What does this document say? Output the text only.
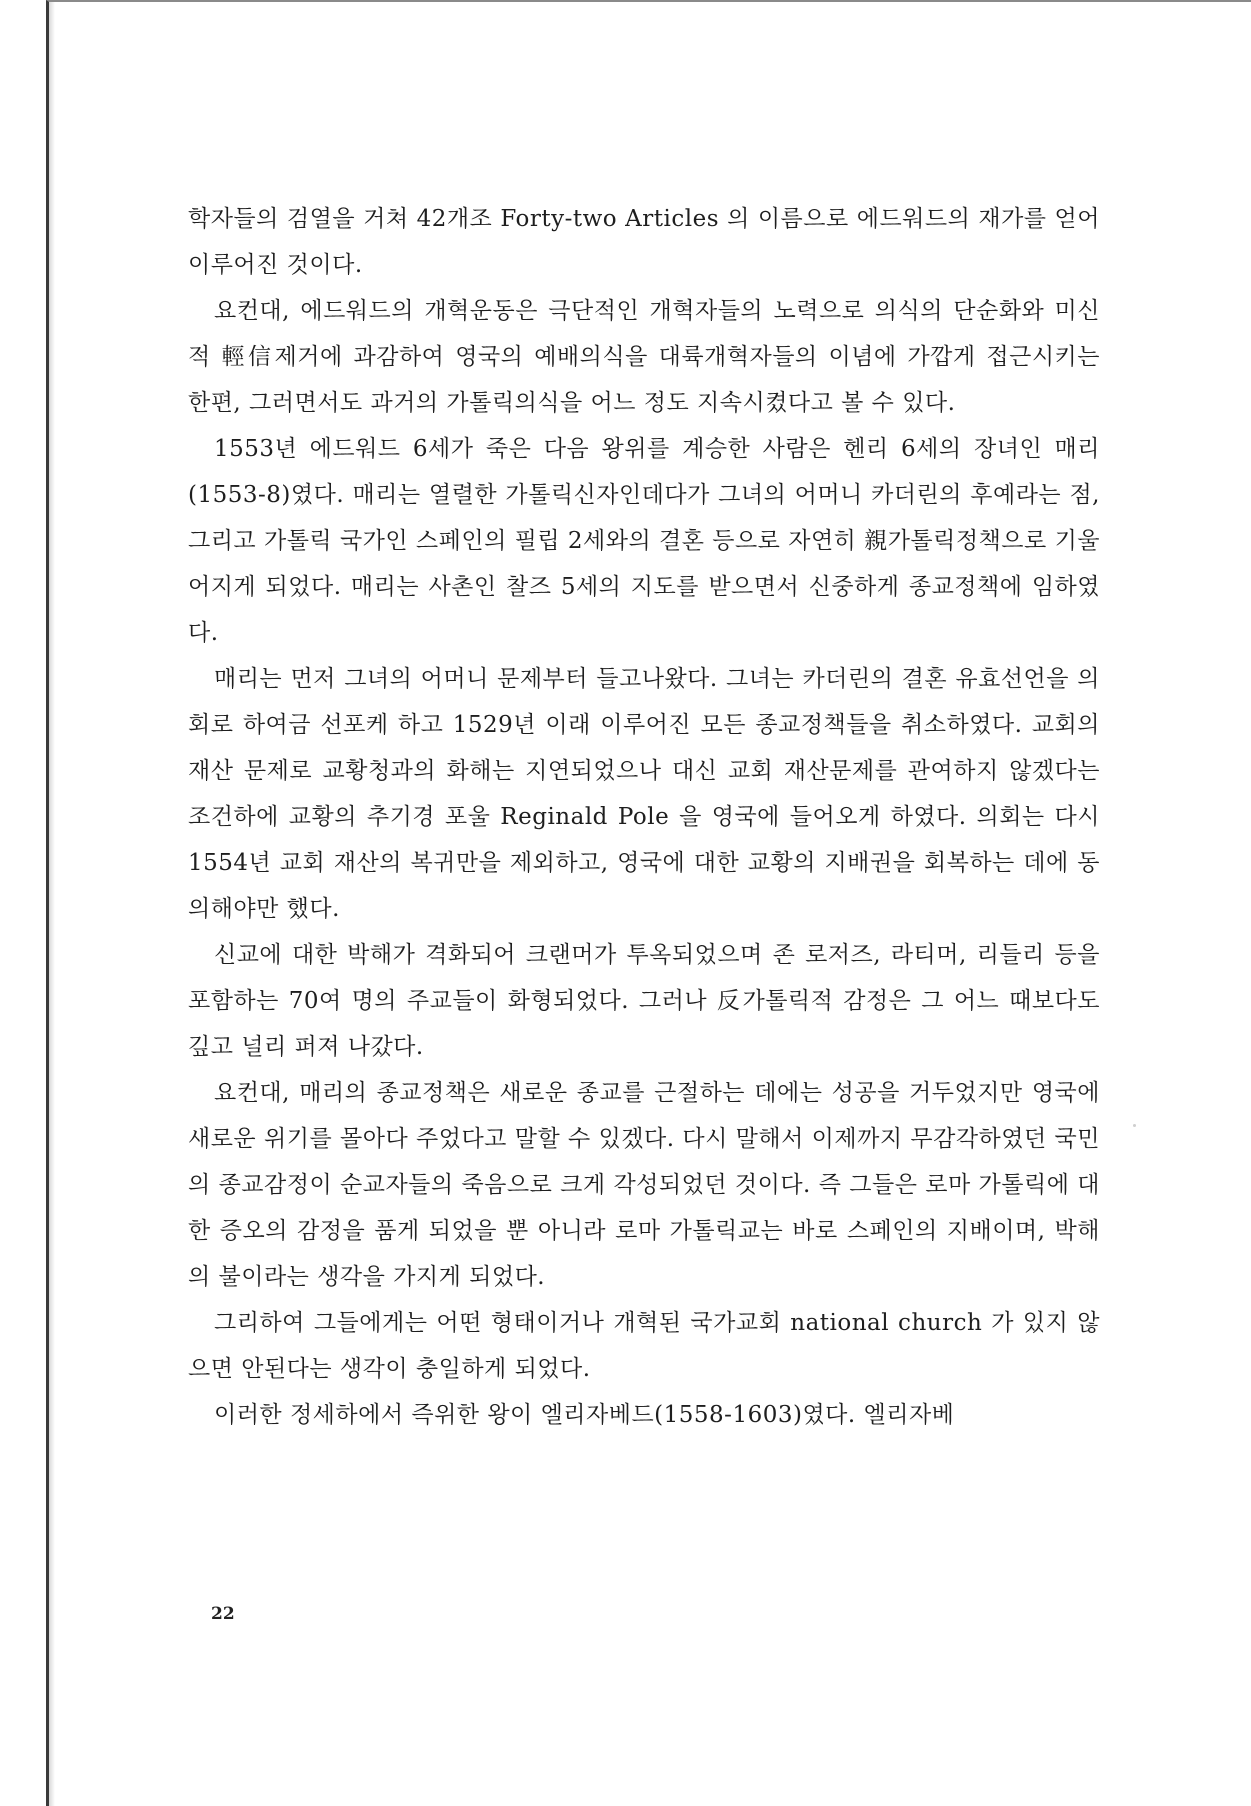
학자들의 검열을 거쳐 42개조 Forty-two Articles 의 이름으로 에드워드의 재가를 얻어 이루어진 것이다.

요컨대, 에드워드의 개혁운동은 극단적인 개혁자들의 노력으로 의식의 단순화와 미신적 輕信제거에 과감하여 영국의 예배의식을 대륙개혁자들의 이념에 가깝게 접근시키는 한편, 그러면서도 과거의 가톨릭의식을 어느 정도 지속시켰다고 볼 수 있다.

1553년 에드워드 6세가 죽은 다음 왕위를 계승한 사람은 헨리 6세의 장녀인 매리(1553-8)였다. 매리는 열렬한 가톨릭신자인데다가 그녀의 어머니 카더린의 후예라는 점, 그리고 가톨릭 국가인 스페인의 필립 2세와의 결혼 등으로 자연히 親가톨릭정책으로 기울어지게 되었다. 매리는 사촌인 찰즈 5세의 지도를 받으면서 신중하게 종교정책에 임하였다.

매리는 먼저 그녀의 어머니 문제부터 들고나왔다. 그녀는 카더린의 결혼 유효선언을 의회로 하여금 선포케 하고 1529년 이래 이루어진 모든 종교정책들을 취소하였다. 교회의 재산 문제로 교황청과의 화해는 지연되었으나 대신 교회 재산문제를 관여하지 않겠다는 조건하에 교황의 추기경 포울 Reginald Pole 을 영국에 들어오게 하였다. 의회는 다시 1554년 교회 재산의 복귀만을 제외하고, 영국에 대한 교황의 지배권을 회복하는 데에 동의해야만 했다.

신교에 대한 박해가 격화되어 크랜머가 투옥되었으며 존 로저즈, 라티머, 리들리 등을 포함하는 70여 명의 주교들이 화형되었다. 그러나 反가톨릭적 감정은 그 어느 때보다도 깊고 널리 퍼져 나갔다.

요컨대, 매리의 종교정책은 새로운 종교를 근절하는 데에는 성공을 거두었지만 영국에 새로운 위기를 몰아다 주었다고 말할 수 있겠다. 다시 말해서 이제까지 무감각하였던 국민의 종교감정이 순교자들의 죽음으로 크게 각성되었던 것이다. 즉 그들은 로마 가톨릭에 대한 증오의 감정을 품게 되었을 뿐 아니라 로마 가톨릭교는 바로 스페인의 지배이며, 박해의 불이라는 생각을 가지게 되었다.

그리하여 그들에게는 어떤 형태이거나 개혁된 국가교회 national church 가 있지 않으면 안된다는 생각이 충일하게 되었다.

이러한 정세하에서 즉위한 왕이 엘리자베드(1558-1603)였다. 엘리자베

22
